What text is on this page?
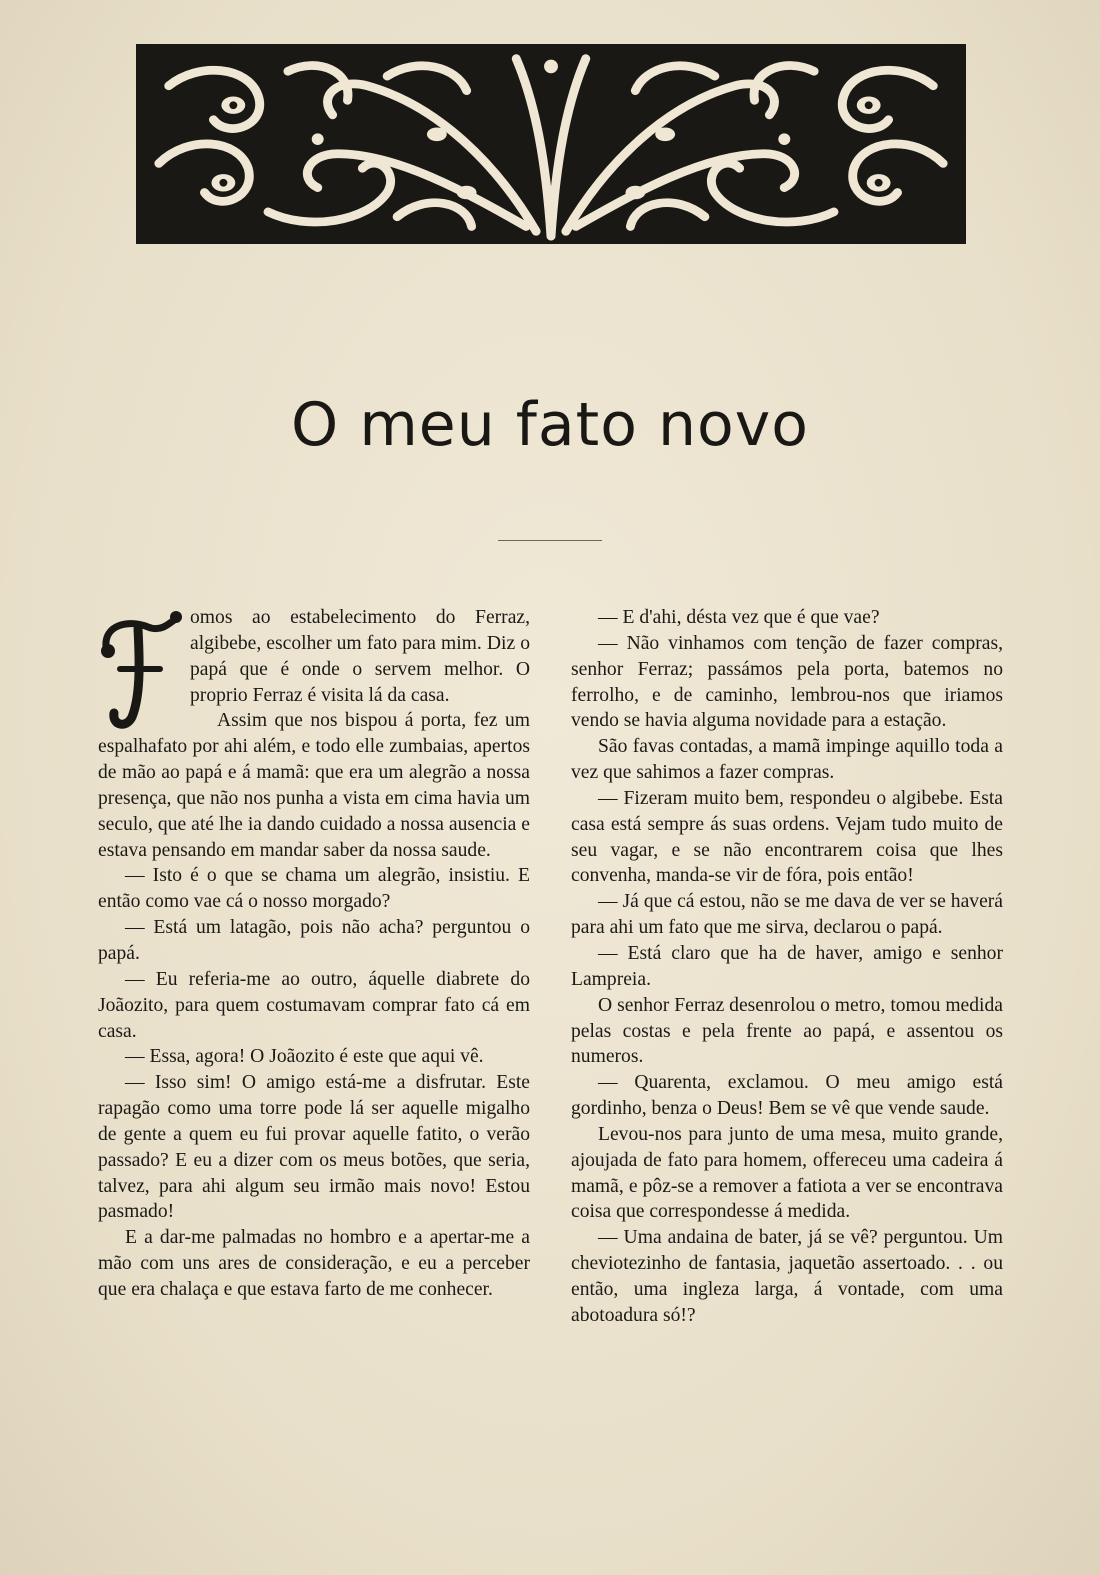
O meu fato novo

omos ao estabelecimento do Ferraz, algibebe, escolher um fato para mim. Diz o papá que é onde o servem melhor. O proprio Ferraz é visita lá da casa.

Assim que nos bispou á porta, fez um espalhafato por ahi além, e todo elle zumbaias, apertos de mão ao papá e á mamã: que era um alegrão a nossa presença, que não nos punha a vista em cima havia um seculo, que até lhe ia dando cuidado a nossa ausencia e estava pensando em mandar saber da nossa saude.

— Isto é o que se chama um alegrão, insistiu. E então como vae cá o nosso morgado?

— Está um latagão, pois não acha? perguntou o papá.

— Eu referia-me ao outro, áquelle diabrete do Joãozito, para quem costumavam comprar fato cá em casa.

— Essa, agora! O Joãozito é este que aqui vê.

— Isso sim! O amigo está-me a disfrutar. Este rapagão como uma torre pode lá ser aquelle migalho de gente a quem eu fui provar aquelle fatito, o verão passado? E eu a dizer com os meus botões, que seria, talvez, para ahi algum seu irmão mais novo! Estou pasmado!

E a dar-me palmadas no hombro e a apertar-me a mão com uns ares de consideração, e eu a perceber que era chalaça e que estava farto de me conhecer.

— E d'ahi, désta vez que é que vae?

— Não vinhamos com tenção de fazer compras, senhor Ferraz; passámos pela porta, batemos no ferrolho, e de caminho, lembrou-nos que iriamos vendo se havia alguma novidade para a estação.

São favas contadas, a mamã impinge aquillo toda a vez que sahimos a fazer compras.

— Fizeram muito bem, respondeu o algibebe. Esta casa está sempre ás suas ordens. Vejam tudo muito de seu vagar, e se não encontrarem coisa que lhes convenha, manda-se vir de fóra, pois então!

— Já que cá estou, não se me dava de ver se haverá para ahi um fato que me sirva, declarou o papá.

— Está claro que ha de haver, amigo e senhor Lampreia.

O senhor Ferraz desenrolou o metro, tomou medida pelas costas e pela frente ao papá, e assentou os numeros.

— Quarenta, exclamou. O meu amigo está gordinho, benza o Deus! Bem se vê que vende saude.

Levou-nos para junto de uma mesa, muito grande, ajoujada de fato para homem, offereceu uma cadeira á mamã, e pôz-se a remover a fatiota a ver se encontrava coisa que correspondesse á medida.

— Uma andaina de bater, já se vê? perguntou. Um cheviotezinho de fantasia, jaquetão assertoado. . . ou então, uma ingleza larga, á vontade, com uma abotoadura só!?
